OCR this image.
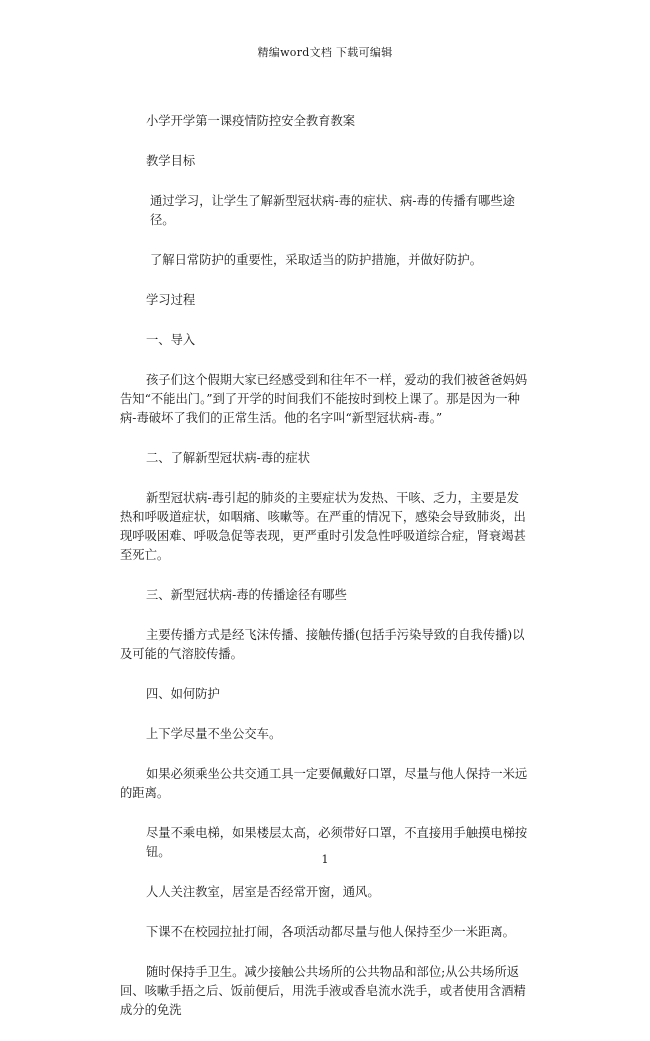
精编word文档 下载可编辑

小学开学第一课疫情防控安全教育教案

教学目标

通过学习，让学生了解新型冠状病-毒的症状、病-毒的传播有哪些途径。

了解日常防护的重要性，采取适当的防护措施，并做好防护。

学习过程

一、导入

孩子们这个假期大家已经感受到和往年不一样，爱动的我们被爸爸妈妈告知“不能出门。”到了开学的时间我们不能按时到校上课了。那是因为一种病-毒破坏了我们的正常生活。他的名字叫“新型冠状病-毒。”

二、了解新型冠状病-毒的症状

新型冠状病-毒引起的肺炎的主要症状为发热、干咳、乏力，主要是发热和呼吸道症状，如咽痛、咳嗽等。在严重的情况下，感染会导致肺炎，出现呼吸困难、呼吸急促等表现，更严重时引发急性呼吸道综合症，肾衰竭甚至死亡。

三、新型冠状病-毒的传播途径有哪些

主要传播方式是经飞沫传播、接触传播(包括手污染导致的自我传播)以及可能的气溶胶传播。

四、如何防护

上下学尽量不坐公交车。

如果必须乘坐公共交通工具一定要佩戴好口罩，尽量与他人保持一米远的距离。

尽量不乘电梯，如果楼层太高，必须带好口罩，不直接用手触摸电梯按钮。

人人关注教室，居室是否经常开窗，通风。

下课不在校园拉扯打闹，各项活动都尽量与他人保持至少一米距离。

随时保持手卫生。减少接触公共场所的公共物品和部位;从公共场所返回、咳嗽手捂之后、饭前便后，用洗手液或香皂流水洗手，或者使用含酒精成分的免洗

1
